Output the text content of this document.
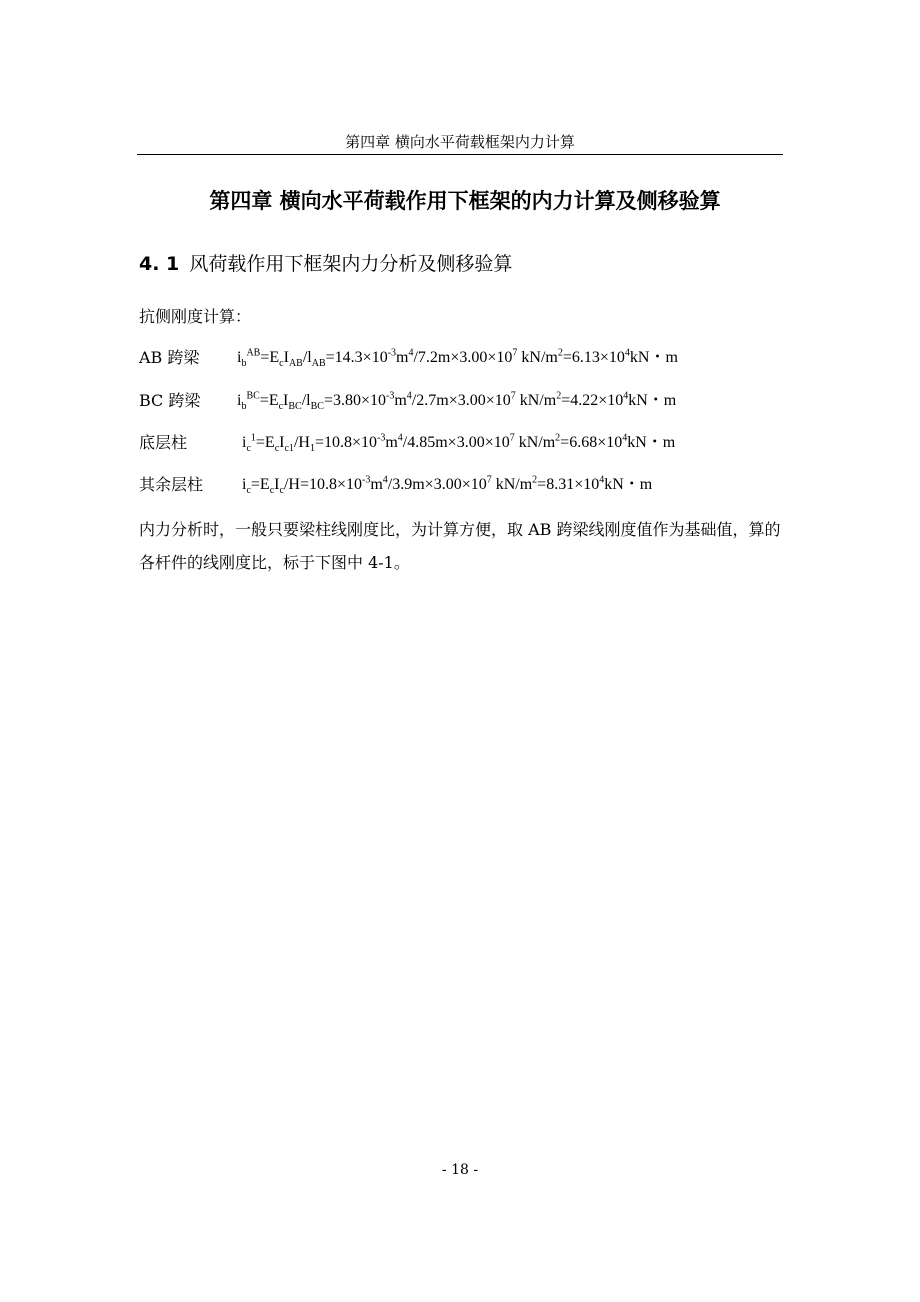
第四章 横向水平荷载框架内力计算
第四章 横向水平荷载作用下框架的内力计算及侧移验算
4. 1 风荷载作用下框架内力分析及侧移验算
抗侧刚度计算：
AB 跨梁 $i_b^{AB}=E_cI_{AB}/l_{AB}=14.3\times 10^{-3}m^4/7.2m\times 3.00\times 10^7$ $kN/m^2=6.13\times 10^4kN$・m
BC 跨梁 $i_b^{BC}=E_cI_{BC}/l_{BC}=3.80\times 10^{-3}m^4/2.7m\times 3.00\times 10^7$ $kN/m^2=4.22\times 10^4kN$・m
底层柱	$i_c^1=E_cI_{c1}/H_1=10.8\times 10^{-3}m^4/4.85m\times 3.00\times 10^7$ $kN/m^2=6.68\times 10^4kN$・m
其余层柱 $i_c=E_cI_c/H=10.8\times 10^{-3}m^4/3.9m\times 3.00\times 10^7$ $kN/m^2=8.31\times 10^4kN$・m
内力分析时，一般只要梁柱线刚度比，为计算方便，取 AB 跨梁线刚度值作为基础值，算的各杆件的线刚度比，标于下图中 4-1。
- 18 -
